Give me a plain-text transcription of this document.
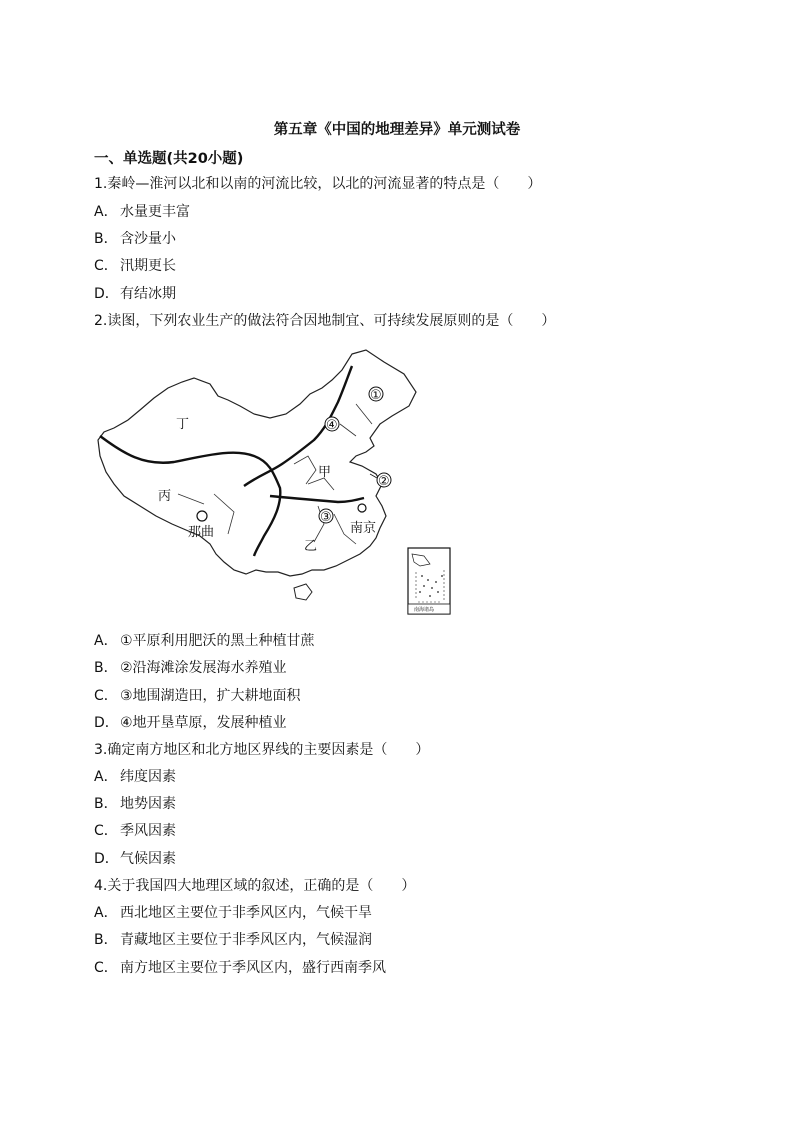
第五章《中国的地理差异》单元测试卷
一、单选题(共20小题)
1.秦岭—淮河以北和以南的河流比较，以北的河流显著的特点是（　　）
A． 水量更丰富
B． 含沙量小
C． 汛期更长
D．有结冰期
2.读图，下列农业生产的做法符合因地制宜、可持续发展原则的是（　　）
丁
甲
丙
乙
那曲	南京
①
②
③
④
南海诸岛
A． ①平原利用肥沃的黑土种植甘蔗
B． ②沿海滩涂发展海水养殖业
C． ③地围湖造田，扩大耕地面积
D．④地开垦草原，发展种植业
3.确定南方地区和北方地区界线的主要因素是（　　）
A． 纬度因素
B． 地势因素
C． 季风因素
D．气候因素
4.关于我国四大地理区域的叙述，正确的是（　　）
A． 西北地区主要位于非季风区内，气候干旱
B． 青藏地区主要位于非季风区内，气候湿润
C． 南方地区主要位于季风区内，盛行西南季风
